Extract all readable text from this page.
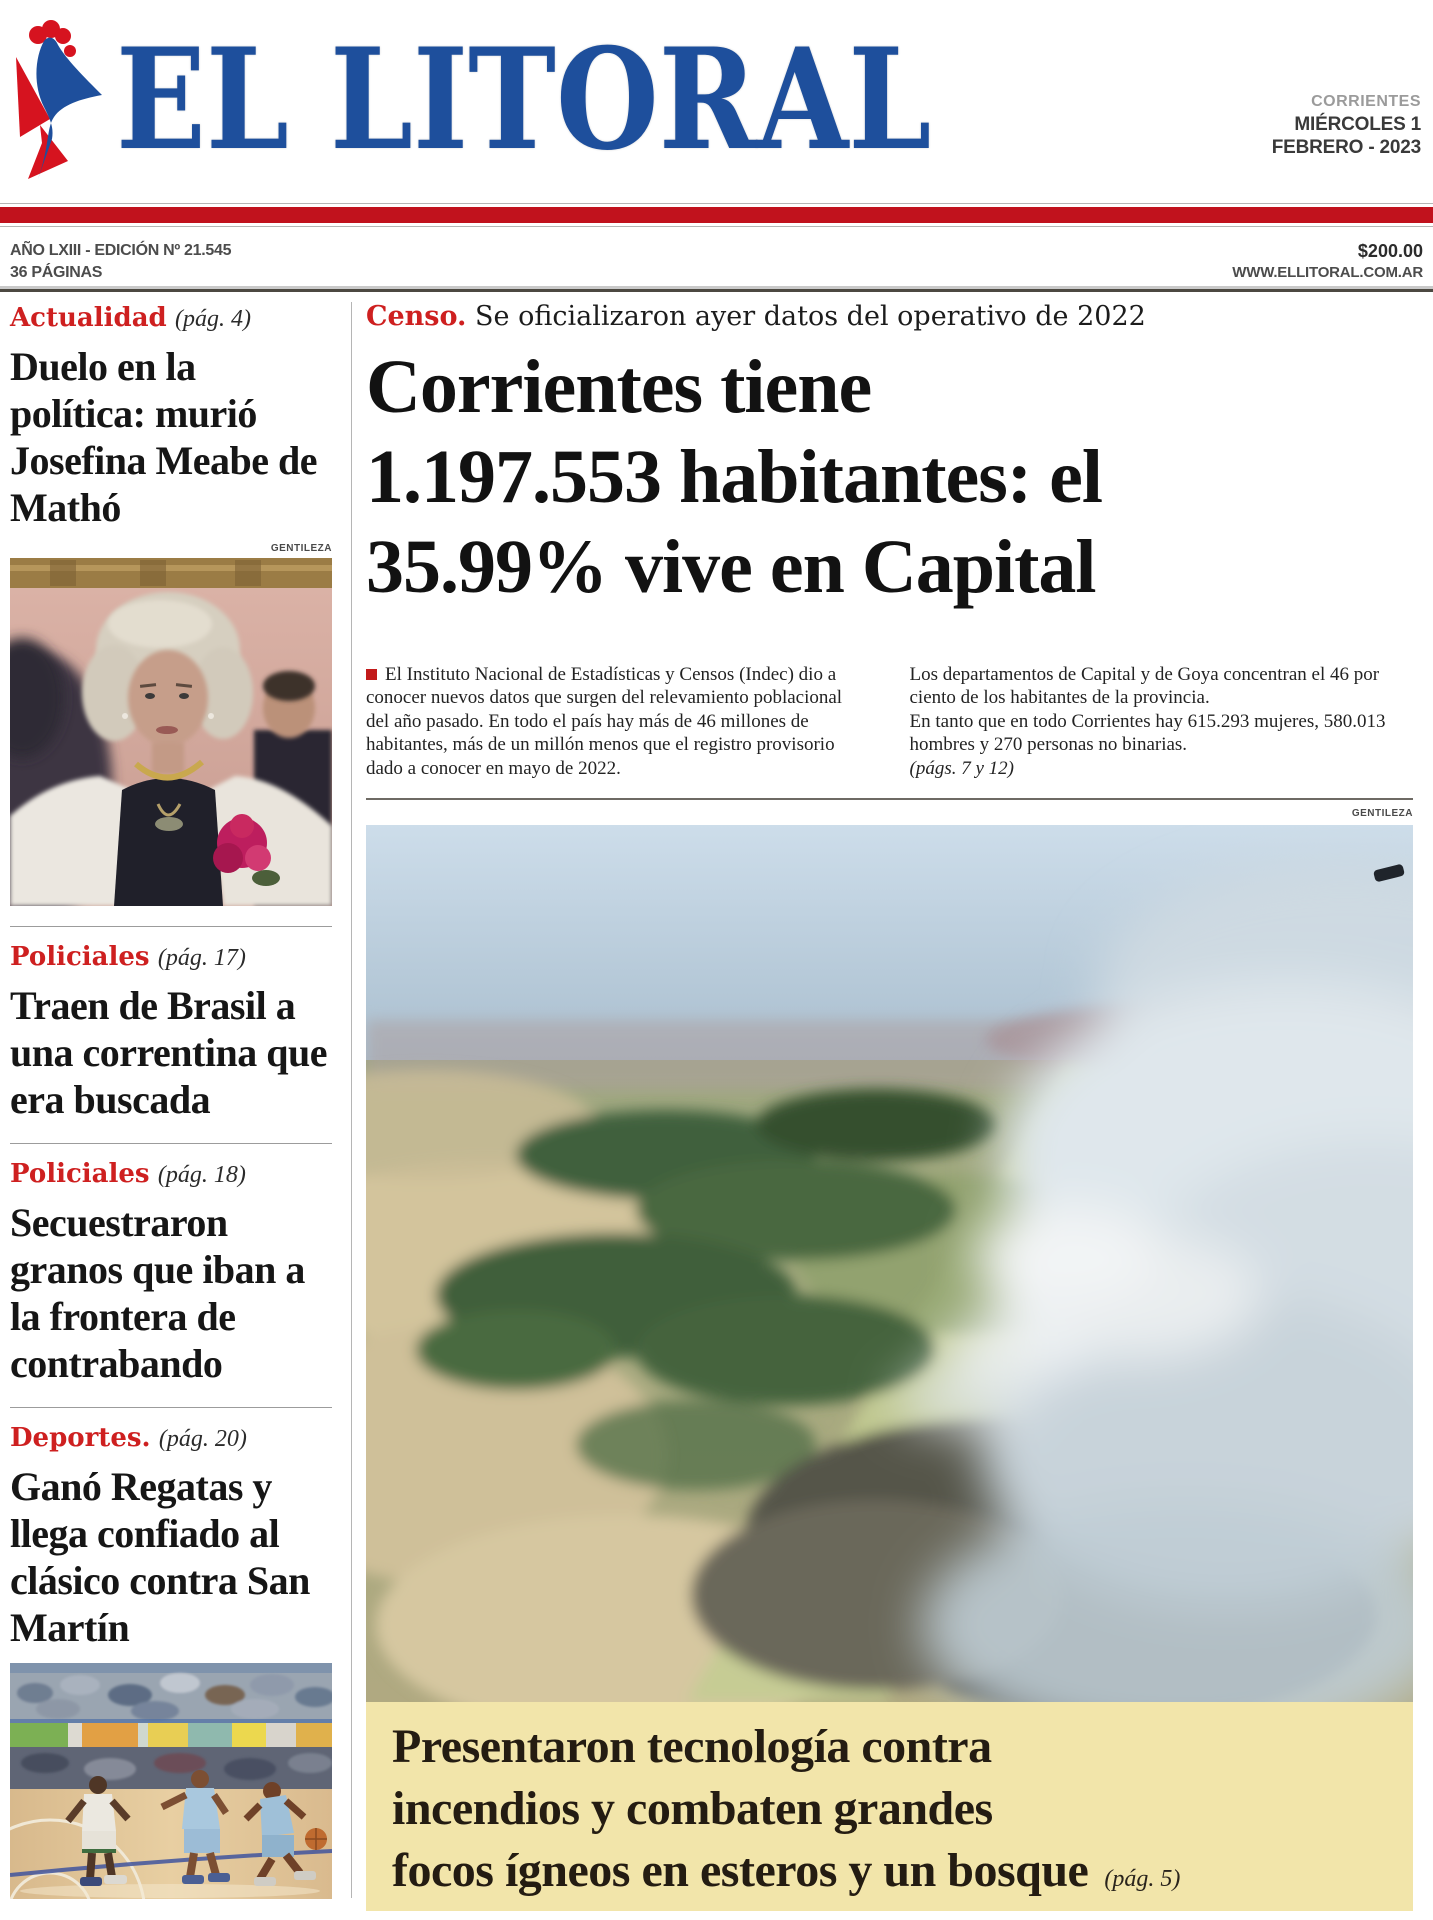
EL LITORAL	CORRIENTES
MIÉRCOLES 1
FEBRERO - 2023
AÑO LXIII - EDICIÓN Nº 21.545
36 PÁGINAS
$200.00
WWW.ELLITORAL.COM.AR
Actualidad (pág. 4)
Duelo en la política: murió Josefina Meabe de Mathó
GENTILEZA
Policiales (pág. 17)
Traen de Brasil a una correntina que era buscada
Policiales (pág. 18)
Secuestraron granos que iban a la frontera de contrabando
Deportes. (pág. 20)
Ganó Regatas y llega confiado al clásico contra San Martín
Censo. Se oficializaron ayer datos del operativo de 2022
Corrientes tiene
1.197.553 habitantes: el
35.99% vive en Capital

El Instituto Nacional de Estadísticas y Censos (Indec) dio a conocer nuevos datos que surgen del relevamiento poblacional del año pasado. En todo el país hay más de 46 millones de habitantes, más de un millón menos que el registro provisorio dado a conocer en mayo de 2022.

Los departamentos de Capital y de Goya concentran el 46 por ciento de los habitantes de la provincia.

En tanto que en todo Corrientes hay 615.293 mujeres, 580.013 hombres y 270 personas no binarias.

(págs. 7 y 12)

GENTILEZA
Presentaron tecnología contra
incendios y combaten grandes
focos ígneos en esteros y un bosque (pág. 5)
